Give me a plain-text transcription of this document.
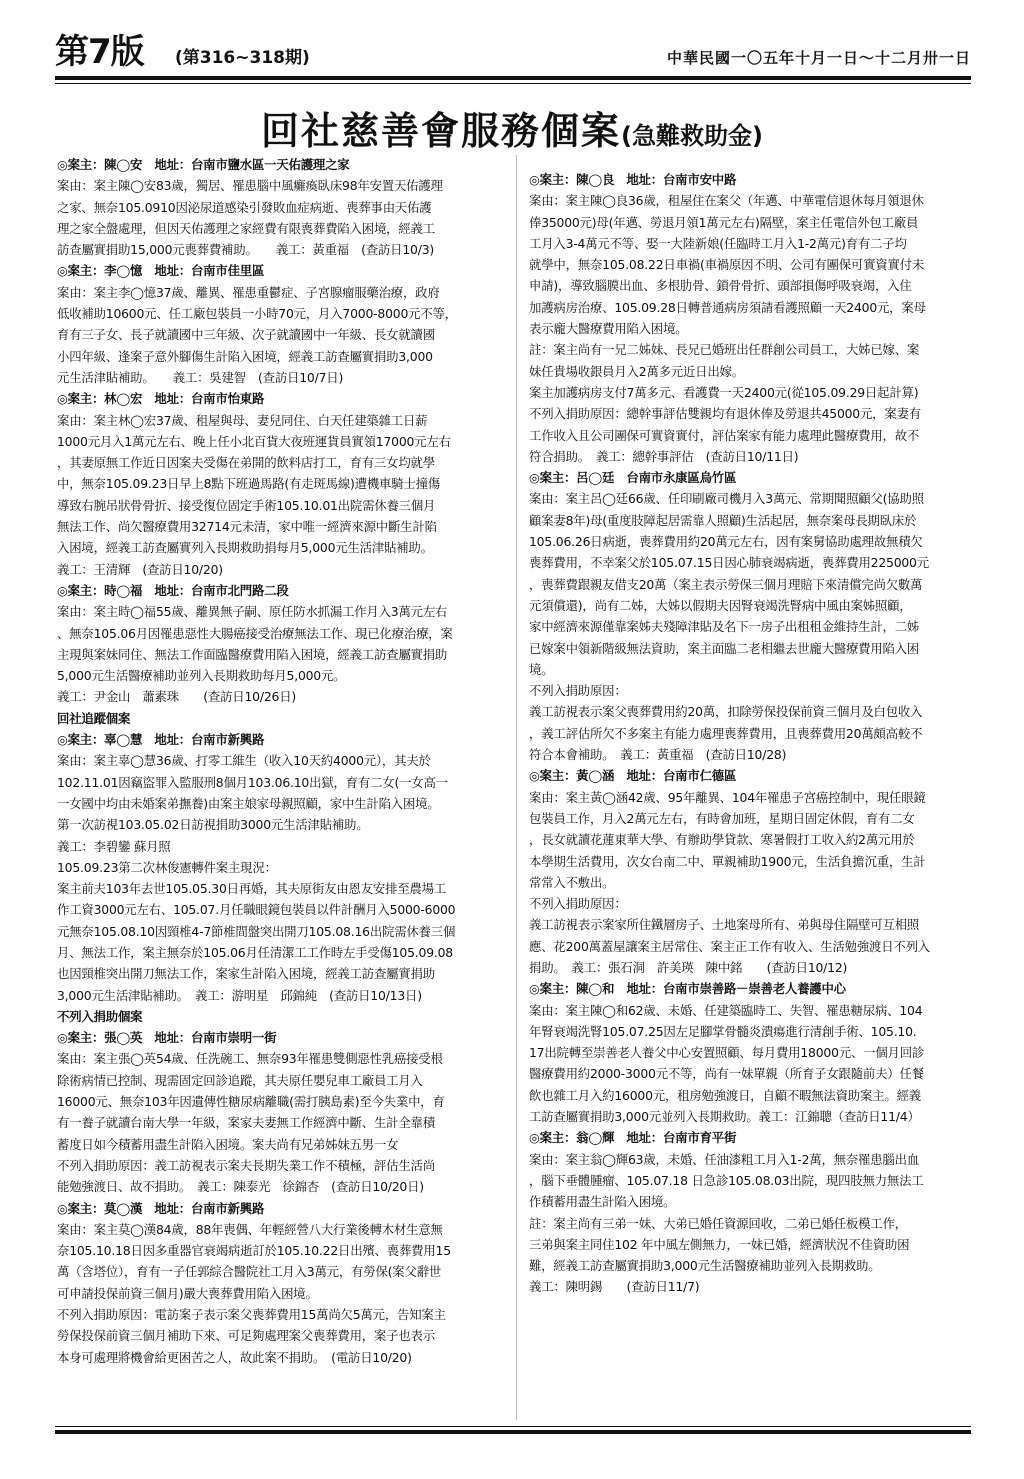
第7版 (第316~318期)	中華民國一〇五年十月一日～十二月卅一日
回社慈善會服務個案(急難救助金)

◎案主：陳◯安　地址：台南市鹽水區一天佑護理之家

案由：案主陳◯安83歲，獨居、罹患腦中風癱瘓臥床98年安置天佑護理

之家、無奈105.0910因泌尿道感染引發敗血症病逝、喪葬事由天佑護

理之家全盤處理，但因天佑護理之家經費有限喪葬費陷入困境，經義工

訪查屬實捐助15,000元喪葬費補助。　　義工：黃重福　(查訪日10/3)

◎案主：李◯憶　地址：台南市佳里區

案由：案主李◯憶37歲、離異、罹患重鬱症、子宮腺瘤服藥治療，政府

低收補助10600元、任工廠包裝員一小時70元，月入7000-8000元不等，

育有三子女、長子就讀國中三年級、次子就讀國中一年級、長女就讀國

小四年級、逢案子意外腳傷生計陷入困境，經義工訪查屬實捐助3,000

元生活津貼補助。　　義工：吳建智　(查訪日10/7日)

◎案主：林◯宏　地址：台南市怡東路

案由：案主林◯宏37歲、租屋與母、妻兒同住、白天任建築雜工日薪

1000元月入1萬元左右、晚上任小北百貨大夜班運貨員實領17000元左右

，其妻原無工作近日因案夫受傷在弟開的飲料店打工，育有三女均就學

中，無奈105.09.23日早上8點下班過馬路(有走斑馬線)遭機車騎士撞傷

導致右腕吊狀骨骨折、接受復位固定手術105.10.01出院需休養三個月

無法工作、尚欠醫療費用32714元未清，家中唯一經濟來源中斷生計陷

入困境，經義工訪查屬實列入長期救助捐每月5,000元生活津貼補助。

義工：王清輝　(查訪日10/20)

◎案主：時◯福　地址：台南市北門路二段

案由：案主時◯福55歲、離異無子嗣、原任防水抓漏工作月入3萬元左右

、無奈105.06月因罹患惡性大腸癌接受治療無法工作、現已化療治療，案

主現與案妹同住、無法工作面臨醫療費用陷入困境，經義工訪查屬實捐助

5,000元生活醫療補助並列入長期救助每月5,000元。

義工：尹金山　蕭素珠　　(查訪日10/26日)

回社追蹤個案

◎案主：辜◯慧　地址：台南市新興路

案由：案主辜◯慧36歲、打零工維生（收入10天約4000元），其夫於

102.11.01因竊盜罪入監服刑8個月103.06.10出獄，育有二女(一女高一

一女國中均由未婚案弟撫養)由案主娘家母親照顧，家中生計陷入困境。

第一次訪視103.05.02日訪視捐助3000元生活津貼補助。

義工：李碧鑾 蘇月照

105.09.23第二次林俊憲轉件案主現況：

案主前夫103年去世105.05.30日再婚，其夫原街友由恩友安排至農場工

作工資3000元左右、105.07.月任職眼鏡包裝員以件計酬月入5000-6000

元無奈105.08.10因頸椎4-7節椎間盤突出開刀105.08.16出院需休養三個

月、無法工作，案主無奈於105.06月任清潔工工作時左手受傷105.09.08

也因頸椎突出開刀無法工作，案家生計陷入困境，經義工訪查屬實捐助

3,000元生活津貼補助。　義工：游明星　邱錦純　(查訪日10/13日)

不列入捐助個案

◎案主：張◯英　地址：台南市崇明一街

案由：案主張◯英54歲、任洗碗工、無奈93年罹患雙側惡性乳癌接受根

除術病情已控制、現需固定回診追蹤，其夫原任嬰兒車工廠員工月入

16000元、無奈103年因遺傳性糖尿病離職(需打胰島素)至今失業中，育

有一養子就讀台南大學一年級，案家夫妻無工作經濟中斷、生計全靠積

蓄度日如今積蓄用盡生計陷入困境。案夫尚有兄弟姊妹五男一女

不列入捐助原因：義工訪視表示案夫長期失業工作不積極，評估生活尚

能勉強渡日、故不捐助。　義工：陳泰光　徐錦杏　(查訪日10/20日)

◎案主：莫◯漢　地址：台南市新興路

案由：案主莫◯漢84歲，88年喪偶、年輕經營八大行業後轉木材生意無

奈105.10.18日因多重器官衰竭病逝訂於105.10.22日出殯、喪葬費用15

萬（含塔位），育有一子任郭綜合醫院社工月入3萬元，有勞保(案父辭世

可申請投保前資三個月)嚴大喪葬費用陷入困境。

不列入捐助原因：電訪案子表示案父喪葬費用15萬尚欠5萬元，告知案主

勞保投保前資三個月補助下來、可足夠處理案父喪葬費用，案子也表示

本身可處理將機會給更困苦之人，故此案不捐助。　(電訪日10/20)

◎案主：陳◯良　地址：台南市安中路

案由：案主陳◯良36歲，租屋住在案父（年邁、中華電信退休每月領退休

俸35000元)母(年邁、勞退月領1萬元左右)隔壁，案主任電信外包工廠員

工月入3-4萬元不等、娶一大陸新娘(任臨時工月入1-2萬元)育有二子均

就學中，無奈105.08.22日車禍(車禍原因不明、公司有團保可實資實付未

申請)，導致腦膜出血、多根肋骨、鎖骨骨折、頭部損傷呼吸衰竭，入住

加護病房治療、105.09.28日轉普通病房須請看護照顧一天2400元，案母

表示龐大醫療費用陷入困境。

註：案主尚有一兄二姊妹、長兄已婚班出任群創公司員工，大姊已嫁、案

妹任貴場收銀員月入2萬多元近日出嫁。

案主加護病房支付7萬多元、看護費一天2400元(從105.09.29日起計算)

不列入捐助原因：總幹事評估雙親均有退休俸及勞退共45000元，案妻有

工作收入且公司團保可實資實付，評估案家有能力處理此醫療費用，故不

符合捐助。　義工：總幹事評估　(查訪日10/11日)

◎案主：呂◯廷　台南市永康區烏竹區

案由：案主呂◯廷66歲、任印刷廠司機月入3萬元、常期聞照顧父(協助照

顧案妻8年)母(重度肢障起居需靠人照顧)生活起居，無奈案母長期臥床於

105.06.26日病逝，喪葬費用約20萬元左右，因有案舅協助處理故無積欠

喪葬費用，不幸案父於105.07.15日因心肺衰竭病逝，喪葬費用225000元

，喪葬費跟親友借支20萬（案主表示勞保三個月理賠下來清償完尚欠數萬

元須償還)，尚有二姊，大姊以假期夫因腎衰竭洗腎病中風由案姊照顧，

家中經濟來源僅靠案姊夫殘障津貼及名下一房子出租租金維持生計，二姊

已嫁案中領新階級無法資助，案主面臨二老相繼去世龐大醫療費用陷入困

境。

不列入捐助原因：

義工訪視表示案父喪葬費用約20萬，扣除勞保投保前資三個月及白包收入

，義工評估所欠不多案主有能力處理喪葬費用，且喪葬費用20萬頗高較不

符合本會補助。　義工：黃重福　(查訪日10/28)

◎案主：黃◯涵　地址：台南市仁德區

案由：案主黃◯涵42歲、95年離異、104年罹患子宮癌控制中，現任眼鏡

包裝員工作，月入2萬元左右，有時會加班，星期日固定休假，育有二女

，長女就讀花蓮東華大學、有辦助學貸款、寒暑假打工收入約2萬元用於

本學期生活費用，次女台南二中、單親補助1900元，生活負擔沉重，生計

常常入不敷出。

不列入捐助原因：

義工訪視表示案家所住鐵層房子、土地案母所有、弟與母住隔壁可互相照

應、花200萬蓋屋讓案主居常住、案主正工作有收入、生活勉強渡日不列入

捐助。　義工：張石洞　許美瑛　陳中銘　　(查訪日10/12)

◎案主：陳◯和　地址：台南市崇善路－崇善老人養護中心

案由：案主陳◯和62歲、未婚、任建築臨時工、失智、罹患糖尿病、104

年腎衰竭洗腎105.07.25因左足腳掌骨髓炎潰瘍進行清創手術、105.10.

17出院轉至崇善老人養父中心安置照顧、每月費用18000元、一個月回診

醫療費用約2000-3000元不等，尚有一妹單親（所育子女跟隨前夫）任餐

飲也雜工月入約16000元，租房勉強渡日，自顧不暇無法資助案主。經義

工訪查屬實捐助3,000元並列入長期救助。義工：江錦聰（查訪日11/4）

◎案主：翁◯輝　地址：台南市育平街

案由：案主翁◯輝63歲，未婚、任油漆粗工月入1-2萬，無奈罹患腦出血

，腦下垂體腫瘤、105.07.18 日急診105.08.03出院，現四肢無力無法工

作積蓄用盡生計陷入困境。

註：案主尚有三弟一妹、大弟已婚任資源回收，二弟已婚任板模工作，

三弟與案主同住102 年中風左側無力，一妹已婚，經濟狀況不佳資助困

難，經義工訪查屬實捐助3,000元生活醫療補助並列入長期救助。

義工：陳明錫　　(查訪日11/7)
